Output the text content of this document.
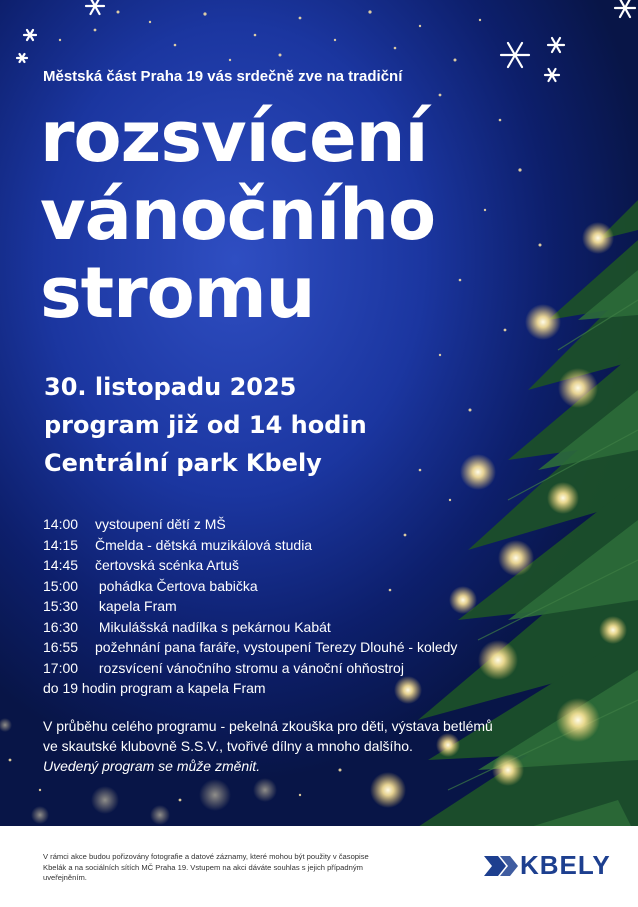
Městská část Praha 19 vás srdečně zve na tradiční
rozsvícení
vánočního
stromu
30. listopadu 2025
program již od 14 hodin
Centrální park Kbely
14:00 vystoupení dětí z MŠ
14:15 Čmelda - dětská muzikálová studia
14:45 čertovská scénka Artuš
15:00 pohádka Čertova babička
15:30 kapela Fram
16:30 Mikulášská nadílka s pekárnou Kabát
16:55 požehnání pana faráře, vystoupení Terezy Dlouhé - koledy
17:00 rozsvícení vánočního stromu a vánoční ohňostroj
do 19 hodin program a kapela Fram
V průběhu celého programu - pekelná zkouška pro děti, výstava betlémů
ve skautské klubovně S.S.V., tvořivé dílny a mnoho dalšího.
Uvedený program se může změnit.
V rámci akce budou pořizovány fotografie a datové záznamy, které mohou být použity v časopise Kbelák a na sociálních sítích MČ Praha 19. Vstupem na akci dáváte souhlas s jejich případným uveřejněním.	KBELY
